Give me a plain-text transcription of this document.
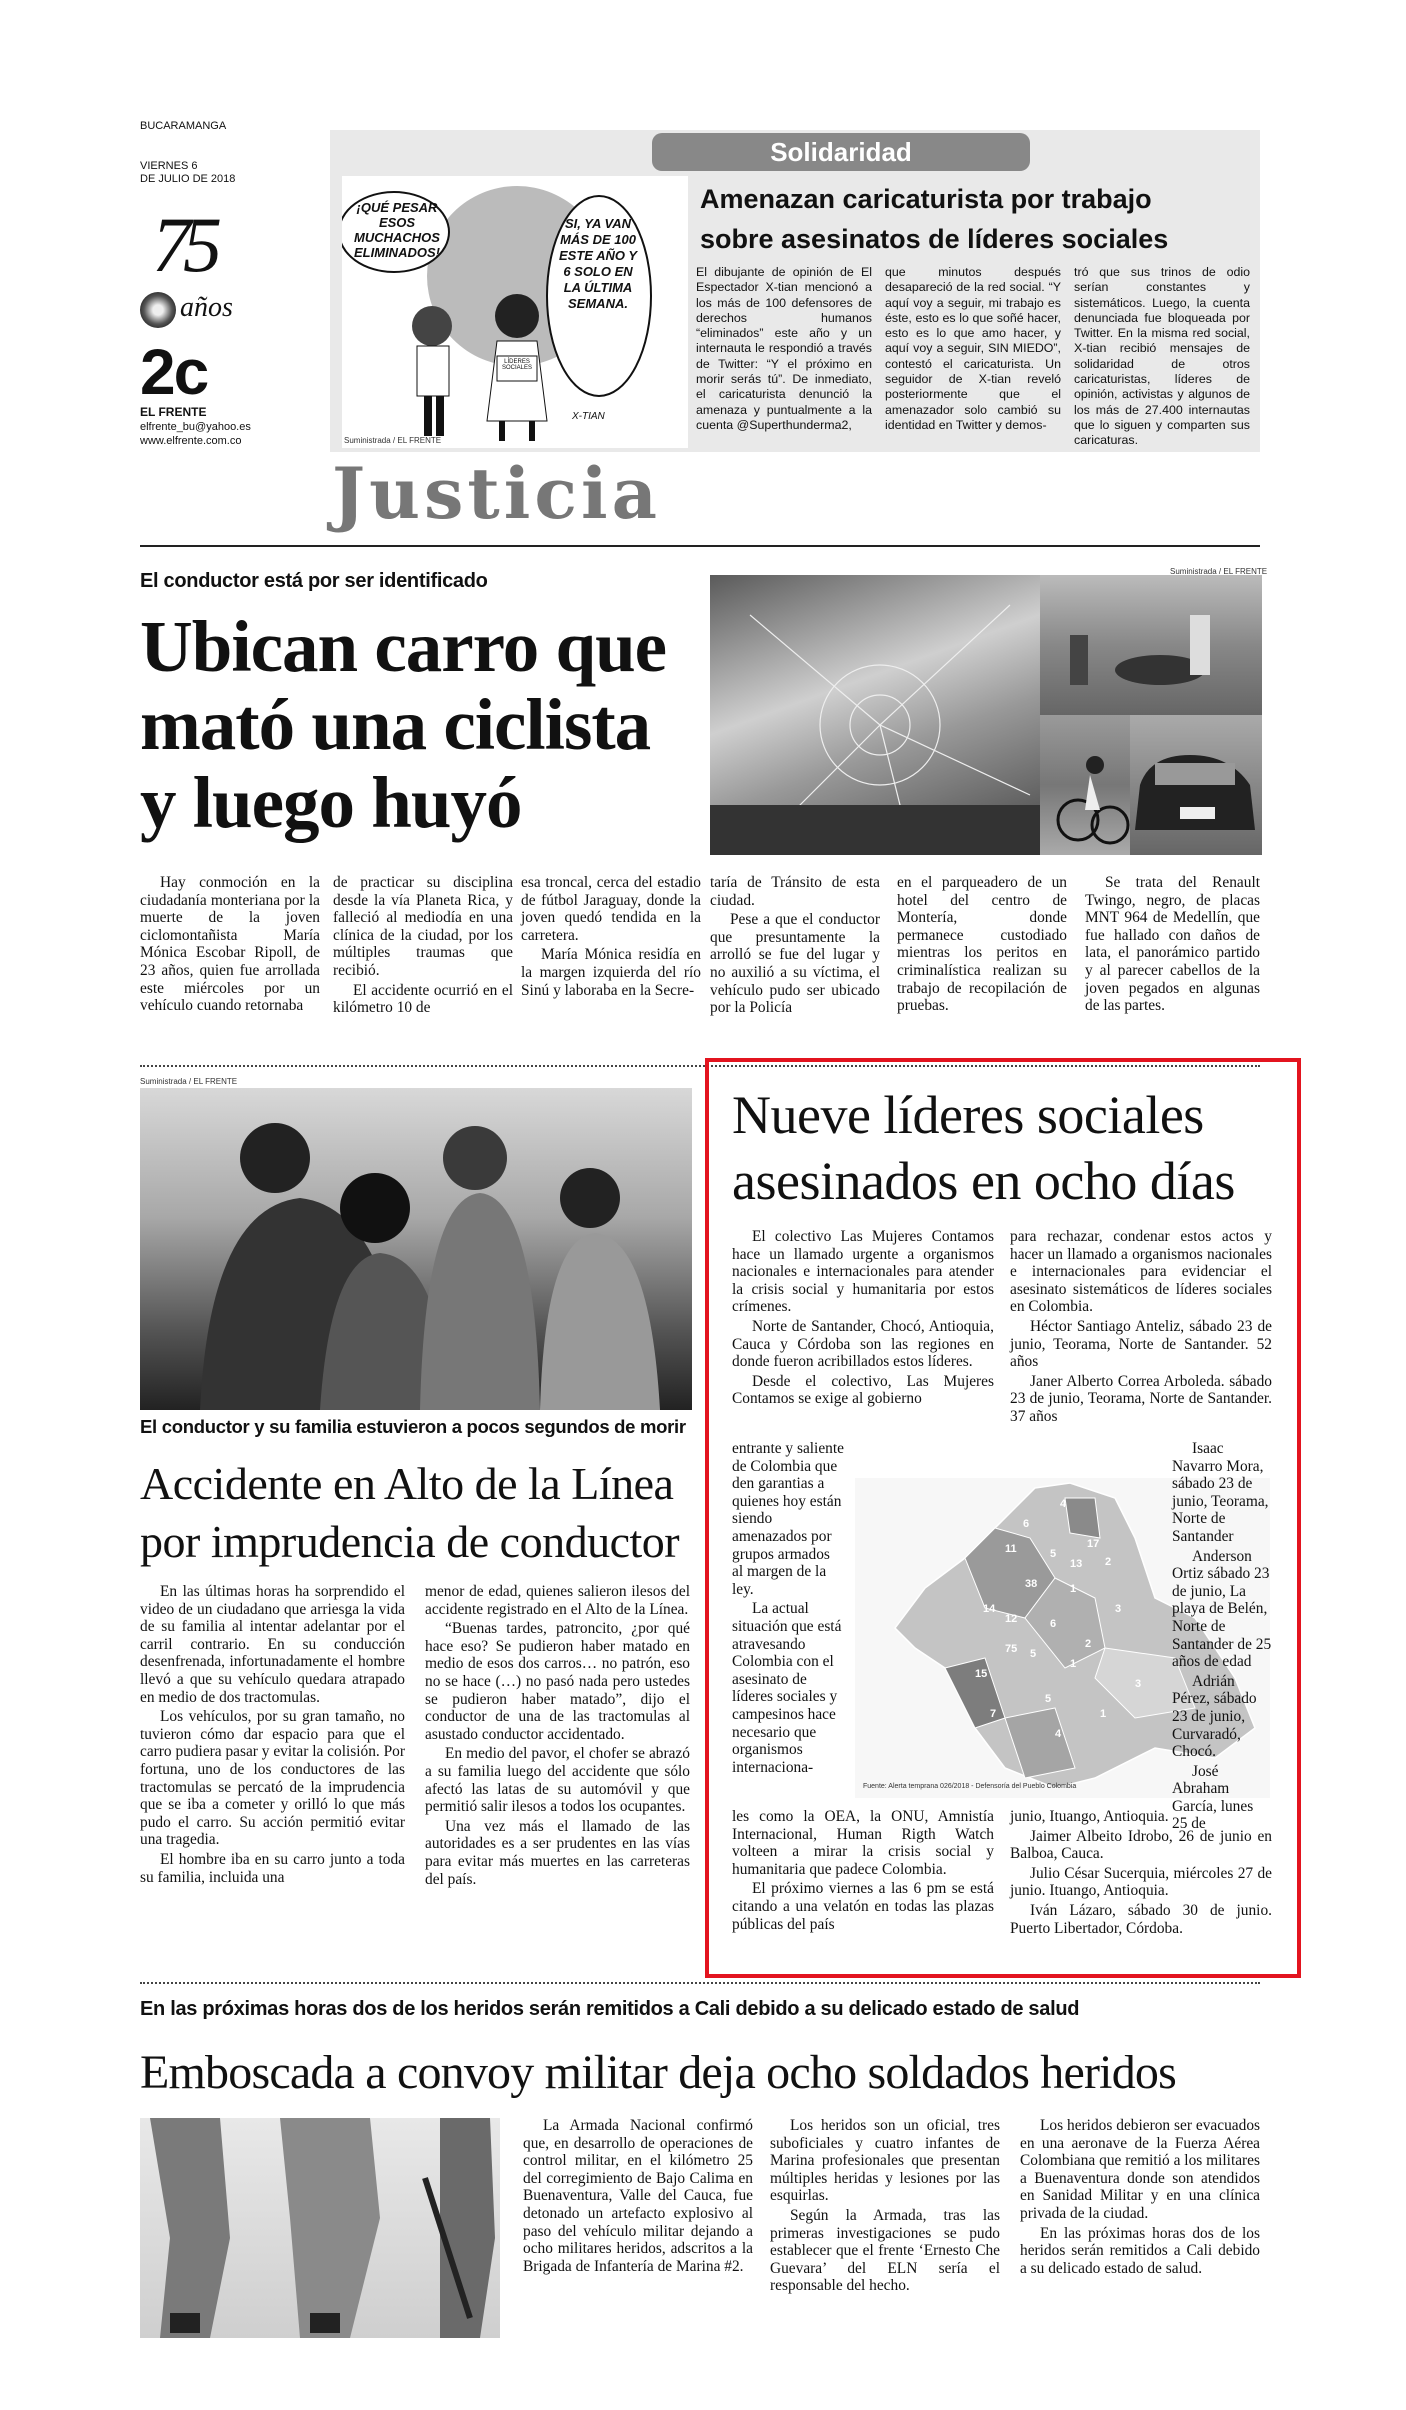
BUCARAMANGA
VIERNES 6
DE JULIO DE 2018
75
años
2c
EL FRENTE
elfrente_bu@yahoo.es
www.elfrente.com.co
Solidaridad
¡QUÉ PESAR ESOS MUCHACHOS ELIMINADOS!
SI, YA VAN MÁS DE 100 ESTE AÑO Y 6 SOLO EN LA ÚLTIMA SEMANA.
LÍDERES SOCIALES
X-TIAN
Suministrada / EL FRENTE
Amenazan caricaturista por trabajo
sobre asesinatos de líderes sociales
El dibujante de opinión de El Espectador X-tian mencionó a los más de 100 defensores de derechos humanos “eliminados” este año y un internauta le respondió a través de Twitter: “Y el próximo en morir serás tú”. De inmediato, el caricaturista denunció la amenaza y puntualmente a la cuenta @Superthunderma2,
que minutos después desapareció de la red social. “Y aquí voy a seguir, mi trabajo es éste, esto es lo que soñé hacer, esto es lo que amo hacer, y aquí voy a seguir, SIN MIEDO”, contestó el caricaturista. Un seguidor de X-tian reveló posteriormente que el amenazador solo cambió su identidad en Twitter y demos-
tró que sus trinos de odio serían constantes y sistemáticos. Luego, la cuenta denunciada fue bloqueada por Twitter. En la misma red social, X-tian recibió mensajes de solidaridad de otros caricaturistas, líderes de opinión, activistas y algunos de los más de 27.400 internautas que lo siguen y comparten sus caricaturas.
Justicia
El conductor está por ser identificado
Ubican carro que
mató una ciclista
y luego huyó
Suministrada / EL FRENTE

Hay conmoción en la ciudadanía monteriana por la muerte de la joven ciclomontañista María Mónica Escobar Ripoll, de 23 años, quien fue arrollada este miércoles por un vehículo cuando retornaba

de practicar su disciplina desde la vía Planeta Rica, y falleció al mediodía en una clínica de la ciudad, por los múltiples traumas que recibió.

El accidente ocurrió en el kilómetro 10 de

esa troncal, cerca del estadio de fútbol Jaraguay, donde la joven quedó tendida en la carretera.

María Mónica residía en la margen izquierda del río Sinú y laboraba en la Secre-

taría de Tránsito de esta ciudad.

Pese a que el conductor que presuntamente la arrolló se fue del lugar y no auxilió a su víctima, el vehículo pudo ser ubicado por la Policía

en el parqueadero de un hotel del centro de Montería, donde permanece custodiado mientras los peritos en criminalística realizan su trabajo de recopilación de pruebas.

Se trata del Renault Twingo, negro, de placas MNT 964 de Medellín, que fue hallado con daños de lata, el panorámico partido y al parecer cabellos de la joven pegados en algunas de las partes.

Suministrada / EL FRENTE
El conductor y su familia estuvieron a pocos segundos de morir
Accidente en Alto de la Línea
por imprudencia de conductor

En las últimas horas ha sorprendido el video de un ciudadano que arriesga la vida de su familia al intentar adelantar por el carril contrario. En su conducción desenfrenada, infortunadamente el hombre llevó a que su vehículo quedara atrapado en medio de dos tractomulas.

Los vehículos, por su gran tamaño, no tuvieron cómo dar espacio para que el carro pudiera pasar y evitar la colisión. Por fortuna, uno de los conductores de las tractomulas se percató de la imprudencia que se iba a cometer y orilló lo que más pudo el carro. Su acción permitió evitar una tragedia.

El hombre iba en su carro junto a toda su familia, incluida una

menor de edad, quienes salieron ilesos del accidente registrado en el Alto de la Línea.

“Buenas tardes, patroncito, ¿por qué hace eso? Se pudieron haber matado en medio de esos dos carros… no patrón, eso no se hace (…) no pasó nada pero ustedes se pudieron haber matado”, dijo el conductor de una de las tractomulas al asustado conductor accidentado.

En medio del pavor, el chofer se abrazó a su familia luego del accidente que sólo afectó las latas de su automóvil y que permitió salir ilesos a todos los ocupantes.

Una vez más el llamado de las autoridades es a ser prudentes en las vías para evitar más muertes en las carreteras del país.

Nueve líderes sociales
asesinados en ocho días

El colectivo Las Mujeres Contamos hace un llamado urgente a organismos nacionales e internacionales para atender la crisis social y humanitaria por estos crímenes.

Norte de Santander, Chocó, Antioquia, Cauca y Córdoba son las regiones en donde fueron acribillados estos líderes.

Desde el colectivo, Las Mujeres Contamos se exige al gobierno

entrante y saliente de Colombia que den garantias a quienes hoy están siendo amenazados por grupos armados al margen de la ley.

La actual situación que está atravesando Colombia con el asesinato de líderes sociales y campesinos hace necesario que organismos internaciona-

4
6
17
11	5
13 2
38	1
14	3
12	6
75 5
15
7
5
1
2
3
4
1
Fuente: Alerta temprana 026/2018 - Defensoría del Pueblo Colombia

les como la OEA, la ONU, Amnistía Internacional, Human Rigth Watch volteen a mirar la crisis social y humanitaria que padece Colombia.

El próximo viernes a las 6 pm se está citando a una velatón en todas las plazas públicas del país

para rechazar, condenar estos actos y hacer un llamado a organismos nacionales e internacionales para evidenciar el asesinato sistemáticos de líderes sociales en Colombia.

Héctor Santiago Anteliz, sábado 23 de junio, Teorama, Norte de Santander. 52 años

Janer Alberto Correa Arboleda. sábado 23 de junio, Teorama, Norte de Santander. 37 años

Isaac Navarro Mora, sábado 23 de junio, Teorama, Norte de Santander

Anderson Ortiz sábado 23 de junio, La playa de Belén, Norte de Santander de 25 años de edad

Adrián Pérez, sábado 23 de junio, Curvaradó, Chocó.

José Abraham García, lunes 25 de

junio, Ituango, Antioquia.

Jaimer Albeito Idrobo, 26 de junio en Balboa, Cauca.

Julio César Sucerquia, miércoles 27 de junio. Ituango, Antioquia.

Iván Lázaro, sábado 30 de junio. Puerto Libertador, Córdoba.

En las próximas horas dos de los heridos serán remitidos a Cali debido a su delicado estado de salud
Emboscada a convoy militar deja ocho soldados heridos

La Armada Nacional confirmó que, en desarrollo de operaciones de control militar, en el kilómetro 25 del corregimiento de Bajo Calima en Buenaventura, Valle del Cauca, fue detonado un artefacto explosivo al paso del vehículo militar dejando a ocho militares heridos, adscritos a la Brigada de Infantería de Marina #2.

Los heridos son un oficial, tres suboficiales y cuatro infantes de Marina profesionales que presentan múltiples heridas y lesiones por las esquirlas.

Según la Armada, tras las primeras investigaciones se pudo establecer que el frente ‘Ernesto Che Guevara’ del ELN sería el responsable del hecho.

Los heridos debieron ser evacuados en una aeronave de la Fuerza Aérea Colombiana que remitió a los militares a Buenaventura donde son atendidos en Sanidad Militar y en una clínica privada de la ciudad.

En las próximas horas dos de los heridos serán remitidos a Cali debido a su delicado estado de salud.
